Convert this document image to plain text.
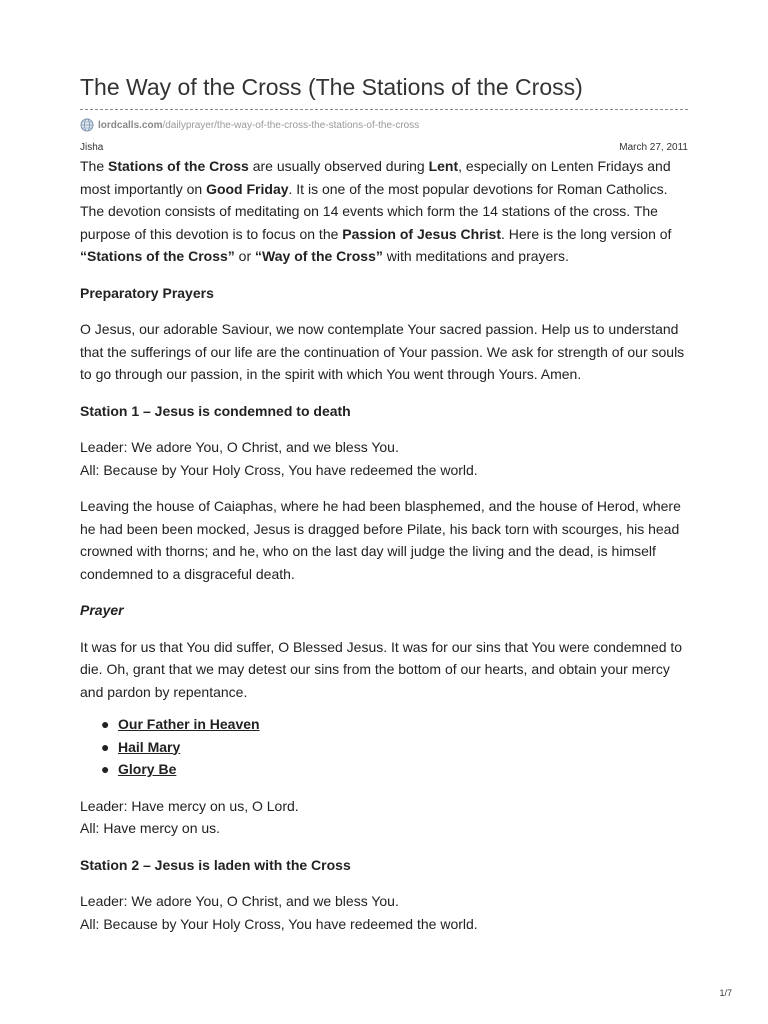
The Way of the Cross (The Stations of the Cross)
lordcalls.com /dailyprayer/the-way-of-the-cross-the-stations-of-the-cross
Jisha	March 27, 2011

The Stations of the Cross are usually observed during Lent, especially on Lenten Fridays and most importantly on Good Friday. It is one of the most popular devotions for Roman Catholics. The devotion consists of meditating on 14 events which form the 14 stations of the cross. The purpose of this devotion is to focus on the Passion of Jesus Christ. Here is the long version of “Stations of the Cross” or “Way of the Cross” with meditations and prayers.

Preparatory Prayers

O Jesus, our adorable Saviour, we now contemplate Your sacred passion. Help us to understand that the sufferings of our life are the continuation of Your passion. We ask for strength of our souls to go through our passion, in the spirit with which You went through Yours. Amen.

Station 1 – Jesus is condemned to death

Leader: We adore You, O Christ, and we bless You.

All: Because by Your Holy Cross, You have redeemed the world.

Leaving the house of Caiaphas, where he had been blasphemed, and the house of Herod, where he had been been mocked, Jesus is dragged before Pilate, his back torn with scourges, his head crowned with thorns; and he, who on the last day will judge the living and the dead, is himself condemned to a disgraceful death.

Prayer

It was for us that You did suffer, O Blessed Jesus. It was for our sins that You were condemned to die. Oh, grant that we may detest our sins from the bottom of our hearts, and obtain your mercy and pardon by repentance.

● Our Father in Heaven
● Hail Mary
● Glory Be

Leader: Have mercy on us, O Lord.

All: Have mercy on us.

Station 2 – Jesus is laden with the Cross

Leader: We adore You, O Christ, and we bless You.

All: Because by Your Holy Cross, You have redeemed the world.

1/7
